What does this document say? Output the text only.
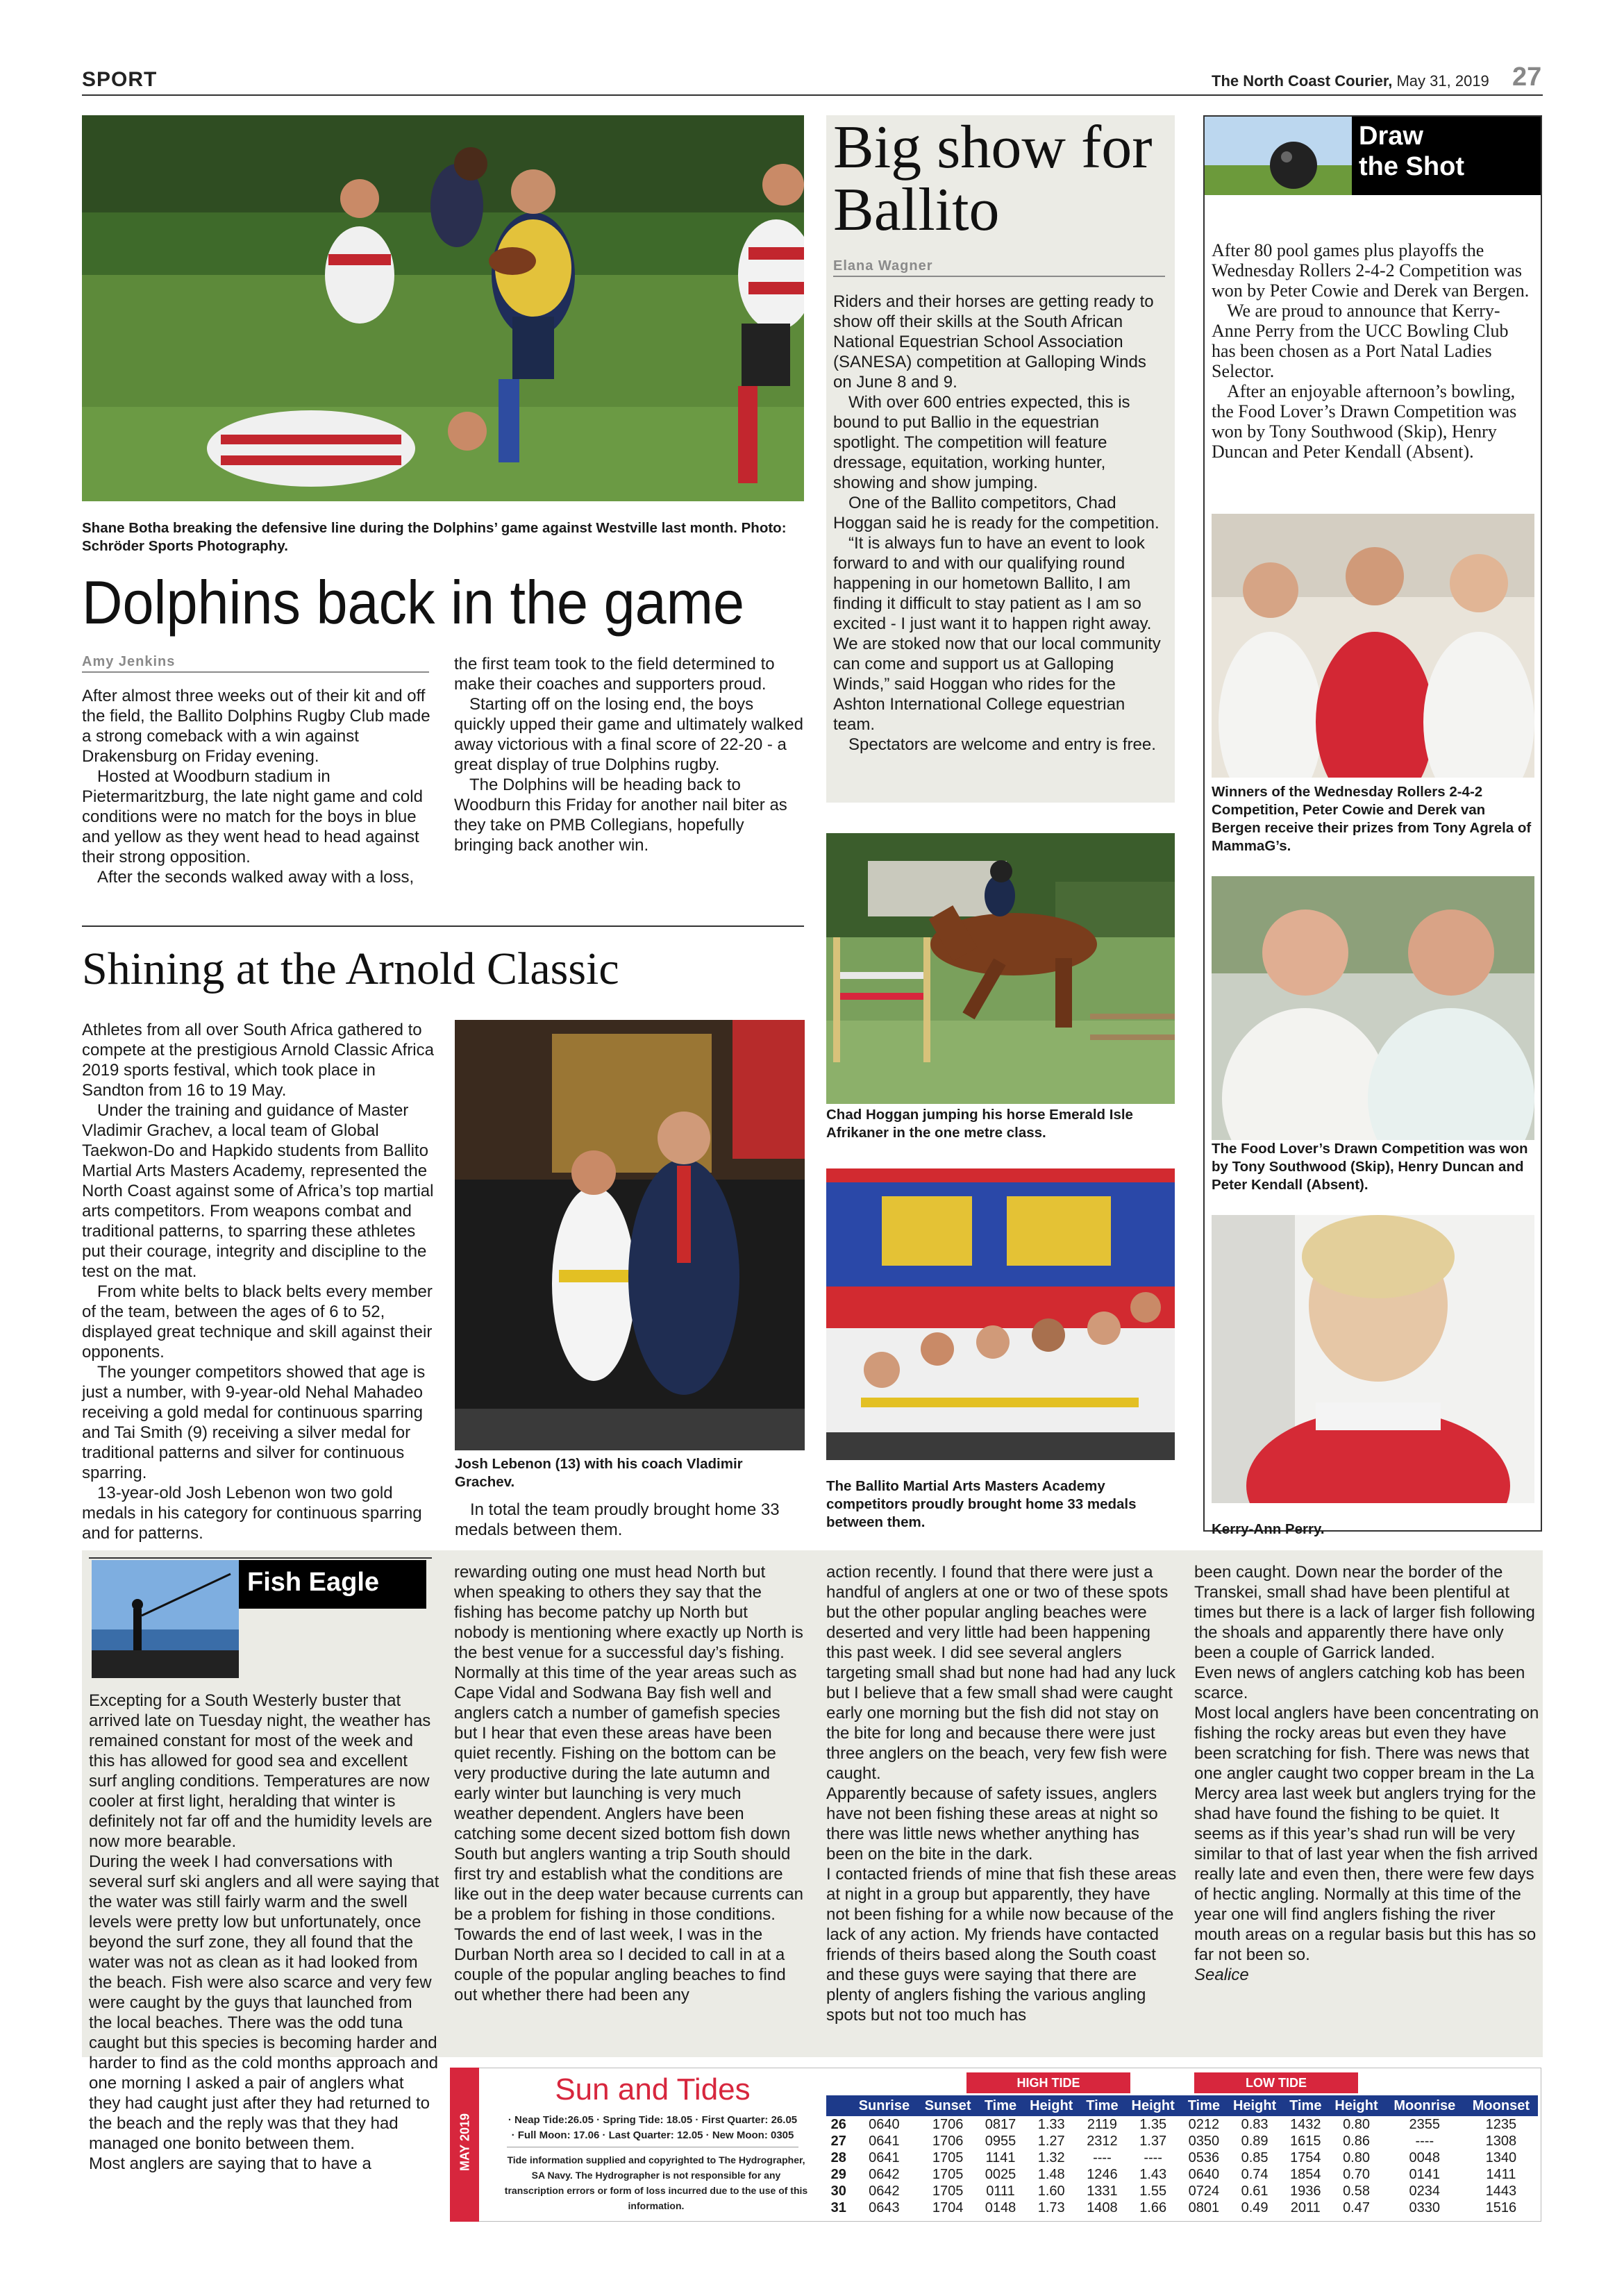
SPORT	The North Coast Courier, May 31, 2019 27
Shane Botha breaking the defensive line during the Dolphins’ game against Westville last month. Photo: Schröder Sports Photography.
Dolphins back in the game
Amy Jenkins

After almost three weeks out of their kit and off the field, the Ballito Dolphins Rugby Club made a strong comeback with a win against Drakensburg on Friday evening.

Hosted at Woodburn stadium in Pietermaritzburg, the late night game and cold conditions were no match for the boys in blue and yellow as they went head to head against their strong opposition.

After the seconds walked away with a loss,

the first team took to the field determined to make their coaches and supporters proud.

Starting off on the losing end, the boys quickly upped their game and ultimately walked away victorious with a final score of 22-20 - a great display of true Dolphins rugby.

The Dolphins will be heading back to Woodburn this Friday for another nail biter as they take on PMB Collegians, hopefully bringing back another win.

Big show for
Ballito
Elana Wagner

Riders and their horses are getting ready to show off their skills at the South African National Equestrian School Association (SANESA) competition at Galloping Winds on June 8 and 9.

With over 600 entries expected, this is bound to put Ballio in the equestrian spotlight. The competition will feature dressage, equitation, working hunter, showing and show jumping.

One of the Ballito competitors, Chad Hoggan said he is ready for the competition.

“It is always fun to have an event to look forward to and with our qualifying round happening in our hometown Ballito, I am finding it difficult to stay patient as I am so excited - I just want it to happen right away. We are stoked now that our local community can come and support us at Galloping Winds,” said Hoggan who rides for the Ashton International College equestrian team.

Spectators are welcome and entry is free.

Chad Hoggan jumping his horse Emerald Isle Afrikaner in the one metre class.
Draw
the Shot

After 80 pool games plus playoffs the Wednesday Rollers 2-4-2 Competition was won by Peter Cowie and Derek van Bergen.

We are proud to announce that Kerry-Anne Perry from the UCC Bowling Club has been chosen as a Port Natal Ladies Selector.

After an enjoyable afternoon’s bowling, the Food Lover’s Drawn Competition was won by Tony Southwood (Skip), Henry Duncan and Peter Kendall (Absent).

Winners of the Wednesday Rollers 2-4-2 Competition, Peter Cowie and Derek van Bergen receive their prizes from Tony Agrela of MammaG’s.
The Food Lover’s Drawn Competition was won by Tony Southwood (Skip), Henry Duncan and Peter Kendall (Absent).
Kerry-Ann Perry.
Shining at the Arnold Classic

Athletes from all over South Africa gathered to compete at the prestigious Arnold Classic Africa 2019 sports festival, which took place in Sandton from 16 to 19 May.

Under the training and guidance of Master Vladimir Grachev, a local team of Global Taekwon-Do and Hapkido students from Ballito Martial Arts Masters Academy, represented the North Coast against some of Africa’s top martial arts competitors. From weapons combat and traditional patterns, to sparring these athletes put their courage, integrity and discipline to the test on the mat.

From white belts to black belts every member of the team, between the ages of 6 to 52, displayed great technique and skill against their opponents.

The younger competitors showed that age is just a number, with 9-year-old Nehal Mahadeo receiving a gold medal for continuous sparring and Tai Smith (9) receiving a silver medal for traditional patterns and silver for continuous sparring.

13-year-old Josh Lebenon won two gold medals in his category for continuous sparring and for patterns.

Josh Lebenon (13) with his coach Vladimir Grachev.

In total the team proudly brought home 33 medals between them.

The Ballito Martial Arts Masters Academy competitors proudly brought home 33 medals between them.
Fish Eagle
Excepting for a South Westerly buster that arrived late on Tuesday night, the weather has remained constant for most of the week and this has allowed for good sea and excellent surf angling conditions. Temperatures are now cooler at first light, heralding that winter is definitely not far off and the humidity levels are now more bearable.
During the week I had conversations with several surf ski anglers and all were saying that the water was still fairly warm and the swell levels were pretty low but unfortunately, once beyond the surf zone, they all found that the water was not as clean as it had looked from the beach. Fish were also scarce and very few were caught by the guys that launched from the local beaches. There was the odd tuna caught but this species is becoming harder and harder to find as the cold months approach and one morning I asked a pair of anglers what they had caught just after they had returned to the beach and the reply was that they had managed one bonito between them.
Most anglers are saying that to have a
rewarding outing one must head North but when speaking to others they say that the fishing has become patchy up North but nobody is mentioning where exactly up North is the best venue for a successful day’s fishing. Normally at this time of the year areas such as Cape Vidal and Sodwana Bay fish well and anglers catch a number of gamefish species but I hear that even these areas have been quiet recently. Fishing on the bottom can be very productive during the late autumn and early winter but launching is very much weather dependent. Anglers have been catching some decent sized bottom fish down South but anglers wanting a trip South should first try and establish what the conditions are like out in the deep water because currents can be a problem for fishing in those conditions.
Towards the end of last week, I was in the Durban North area so I decided to call in at a couple of the popular angling beaches to find out whether there had been any
action recently. I found that there were just a handful of anglers at one or two of these spots but the other popular angling beaches were deserted and very little had been happening this past week. I did see several anglers targeting small shad but none had had any luck but I believe that a few small shad were caught early one morning but the fish did not stay on the bite for long and because there were just three anglers on the beach, very few fish were caught.
Apparently because of safety issues, anglers have not been fishing these areas at night so there was little news whether anything has been on the bite in the dark.
I contacted friends of mine that fish these areas at night in a group but apparently, they have not been fishing for a while now because of the lack of any action. My friends have contacted friends of theirs based along the South coast and these guys were saying that there are plenty of anglers fishing the various angling spots but not too much has
been caught. Down near the border of the Transkei, small shad have been plentiful at times but there is a lack of larger fish following the shoals and apparently there have only been a couple of Garrick landed.
Even news of anglers catching kob has been scarce.
Most local anglers have been concentrating on fishing the rocky areas but even they have been scratching for fish. There was news that one angler caught two copper bream in the La Mercy area last week but anglers trying for the shad have found the fishing to be quiet. It seems as if this year’s shad run will be very similar to that of last year when the fish arrived really late and even then, there were few days of hectic angling. Normally at this time of the year one will find anglers fishing the river mouth areas on a regular basis but this has so far not been so.
Sealice
MAY 2019
Sun and Tides
· Neap Tide:26.05 · Spring Tide: 18.05 · First Quarter: 26.05
· Full Moon: 17.06 · Last Quarter: 12.05 · New Moon: 0305
Tide information supplied and copyrighted to The Hydrographer, SA Navy. The Hydrographer is not responsible for any transcription errors or form of loss incurred due to the use of this information.
HIGH TIDE	LOW TIDE
	Sunrise	Sunset	Time	Height	Time	Height	Time	Height	Time	Height	Moonrise	Moonset
26	0640	1706	0817	1.33	2119	1.35	0212	0.83	1432	0.80	2355	1235
27	0641	1706	0955	1.27	2312	1.37	0350	0.89	1615	0.86	----	1308
28	0641	1705	1141	1.32	----	----	0536	0.85	1754	0.80	0048	1340
29	0642	1705	0025	1.48	1246	1.43	0640	0.74	1854	0.70	0141	1411
30	0642	1705	0111	1.60	1331	1.55	0724	0.61	1936	0.58	0234	1443
31	0643	1704	0148	1.73	1408	1.66	0801	0.49	2011	0.47	0330	1516
